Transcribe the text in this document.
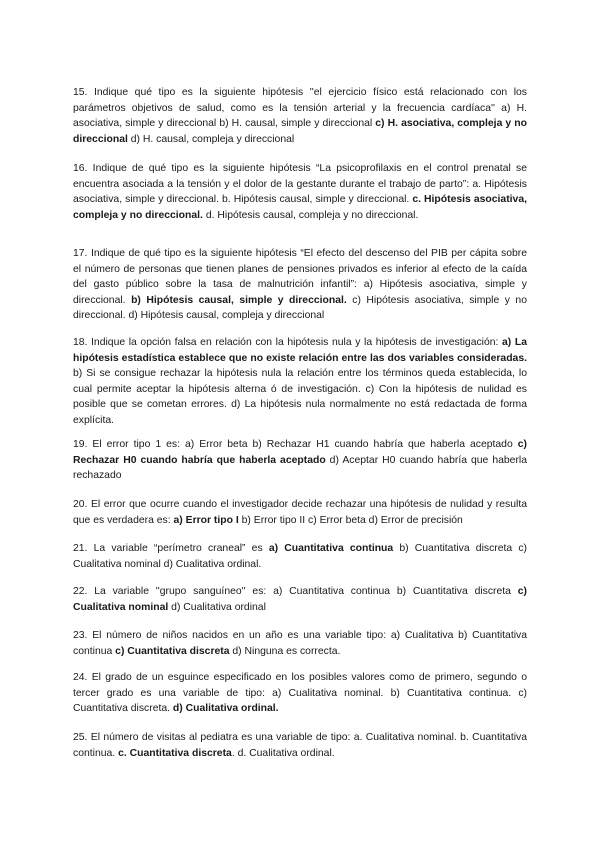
15. Indique qué tipo es la siguiente hipótesis ''el ejercicio físico está relacionado con los parámetros objetivos de salud, como es la tensión arterial y la frecuencia cardíaca'' a) H. asociativa, simple y direccional b) H. causal, simple y direccional c) H. asociativa, compleja y no direccional d) H. causal, compleja y direccional

16. Indique de qué tipo es la siguiente hipótesis “La psicoprofilaxis en el control prenatal se encuentra asociada a la tensión y el dolor de la gestante durante el trabajo de parto”: a. Hipótesis asociativa, simple y direccional. b. Hipótesis causal, simple y direccional. c. Hipótesis asociativa, compleja y no direccional. d. Hipótesis causal, compleja y no direccional.

17. Indique de qué tipo es la siguiente hipótesis “El efecto del descenso del PIB per cápita sobre el número de personas que tienen planes de pensiones privados es inferior al efecto de la caída del gasto público sobre la tasa de malnutrición infantil”: a) Hipótesis asociativa, simple y direccional. b) Hipótesis causal, simple y direccional. c) Hipótesis asociativa, simple y no direccional. d) Hipótesis causal, compleja y direccional

18. Indique la opción falsa en relación con la hipótesis nula y la hipótesis de investigación: a) La hipótesis estadística establece que no existe relación entre las dos variables consideradas. b) Si se consigue rechazar la hipótesis nula la relación entre los términos queda establecida, lo cual permite aceptar la hipótesis alterna ó de investigación. c) Con la hipótesis de nulidad es posible que se cometan errores. d) La hipótesis nula normalmente no está redactada de forma explícita.

19. El error tipo 1 es: a) Error beta b) Rechazar H1 cuando habría que haberla aceptado c) Rechazar H0 cuando habría que haberla aceptado d) Aceptar H0 cuando habría que haberla rechazado

20. El error que ocurre cuando el investigador decide rechazar una hipótesis de nulidad y resulta que es verdadera es: a) Error tipo I b) Error tipo II c) Error beta d) Error de precisión

21. La variable “perímetro craneal” es a) Cuantitativa continua b) Cuantitativa discreta c) Cualitativa nominal d) Cualitativa ordinal.

22. La variable ''grupo sanguíneo'' es: a) Cuantitativa continua b) Cuantitativa discreta c) Cualitativa nominal d) Cualitativa ordinal

23. El número de niños nacidos en un año es una variable tipo: a) Cualitativa b) Cuantitativa continua c) Cuantitativa discreta d) Ninguna es correcta.

24. El grado de un esguince especificado en los posibles valores como de primero, segundo o tercer grado es una variable de tipo: a) Cualitativa nominal. b) Cuantitativa continua. c) Cuantitativa discreta. d) Cualitativa ordinal.

25. El número de visitas al pediatra es una variable de tipo: a. Cualitativa nominal. b. Cuantitativa continua. c. Cuantitativa discreta. d. Cualitativa ordinal.
